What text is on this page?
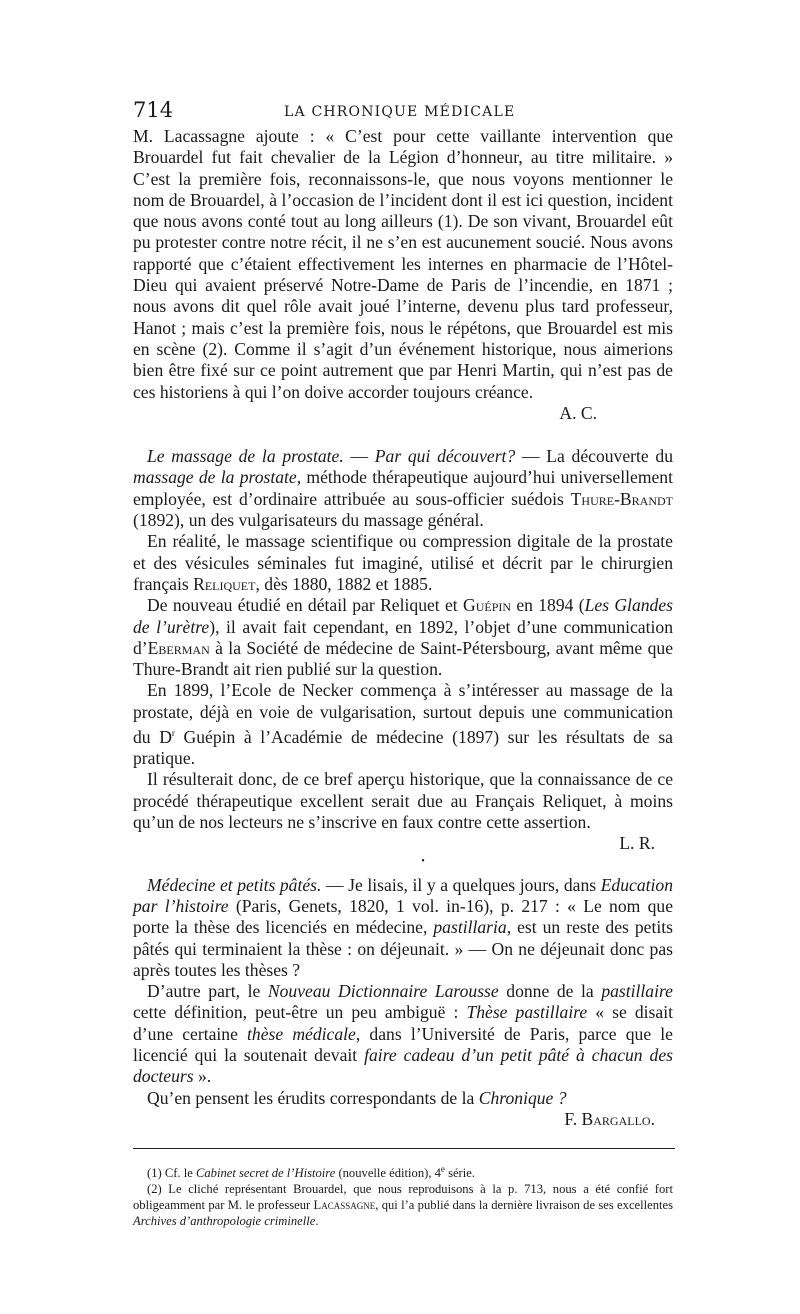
714	LA CHRONIQUE MÉDICALE

M. Lacassagne ajoute : « C’est pour cette vaillante intervention que Brouardel fut fait chevalier de la Légion d’honneur, au titre militaire. » C’est la première fois, reconnaissons-le, que nous voyons mentionner le nom de Brouardel, à l’occasion de l’incident dont il est ici question, incident que nous avons conté tout au long ailleurs (1). De son vivant, Brouardel eût pu protester contre notre récit, il ne s’en est aucunement soucié. Nous avons rapporté que c’étaient effectivement les internes en pharmacie de l’Hôtel-Dieu qui avaient préservé Notre-Dame de Paris de l’incendie, en 1871 ; nous avons dit quel rôle avait joué l’interne, devenu plus tard professeur, Hanot ; mais c’est la première fois, nous le répétons, que Brouardel est mis en scène (2). Comme il s’agit d’un événement historique, nous aimerions bien être fixé sur ce point autrement que par Henri Martin, qui n’est pas de ces historiens à qui l’on doive accorder toujours créance.

A. C.

Le massage de la prostate. — Par qui découvert? — La découverte du massage de la prostate, méthode thérapeutique aujourd’hui universellement employée, est d’ordinaire attribuée au sous-officier suédois Thure-Brandt (1892), un des vulgarisateurs du massage général.

En réalité, le massage scientifique ou compression digitale de la prostate et des vésicules séminales fut imaginé, utilisé et décrit par le chirurgien français Reliquet, dès 1880, 1882 et 1885.

De nouveau étudié en détail par Reliquet et Guépin en 1894 (Les Glandes de l’urètre), il avait fait cependant, en 1892, l’objet d’une communication d’Eberman à la Société de médecine de Saint-Pétersbourg, avant même que Thure-Brandt ait rien publié sur la question.

En 1899, l’Ecole de Necker commença à s’intéresser au massage de la prostate, déjà en voie de vulgarisation, surtout depuis une communication du $D^r$ Guépin à l’Académie de médecine (1897) sur les résultats de sa pratique.

Il résulterait donc, de ce bref aperçu historique, que la connaissance de ce procédé thérapeutique excellent serait due au Français Reliquet, à moins qu’un de nos lecteurs ne s’inscrive en faux contre cette assertion.

L. R.

•

Médecine et petits pâtés. — Je lisais, il y a quelques jours, dans Education par l’histoire (Paris, Genets, 1820, 1 vol. in-16), p. 217 : « Le nom que porte la thèse des licenciés en médecine, pastillaria, est un reste des petits pâtés qui terminaient la thèse : on déjeunait. » — On ne déjeunait donc pas après toutes les thèses ?

D’autre part, le Nouveau Dictionnaire Larousse donne de la pastillaire cette définition, peut-être un peu ambiguë : Thèse pastillaire « se disait d’une certaine thèse médicale, dans l’Université de Paris, parce que le licencié qui la soutenait devait faire cadeau d’un petit pâté à chacun des docteurs ».

Qu’en pensent les érudits correspondants de la Chronique ?

F. Bargallo.

(1) Cf. le Cabinet secret de l’Histoire (nouvelle édition), 4e série.

(2) Le cliché représentant Brouardel, que nous reproduisons à la p. 713, nous a été confié fort obligeamment par M. le professeur Lacassagne, qui l’a publié dans la dernière livraison de ses excellentes Archives d’anthropologie criminelle.
